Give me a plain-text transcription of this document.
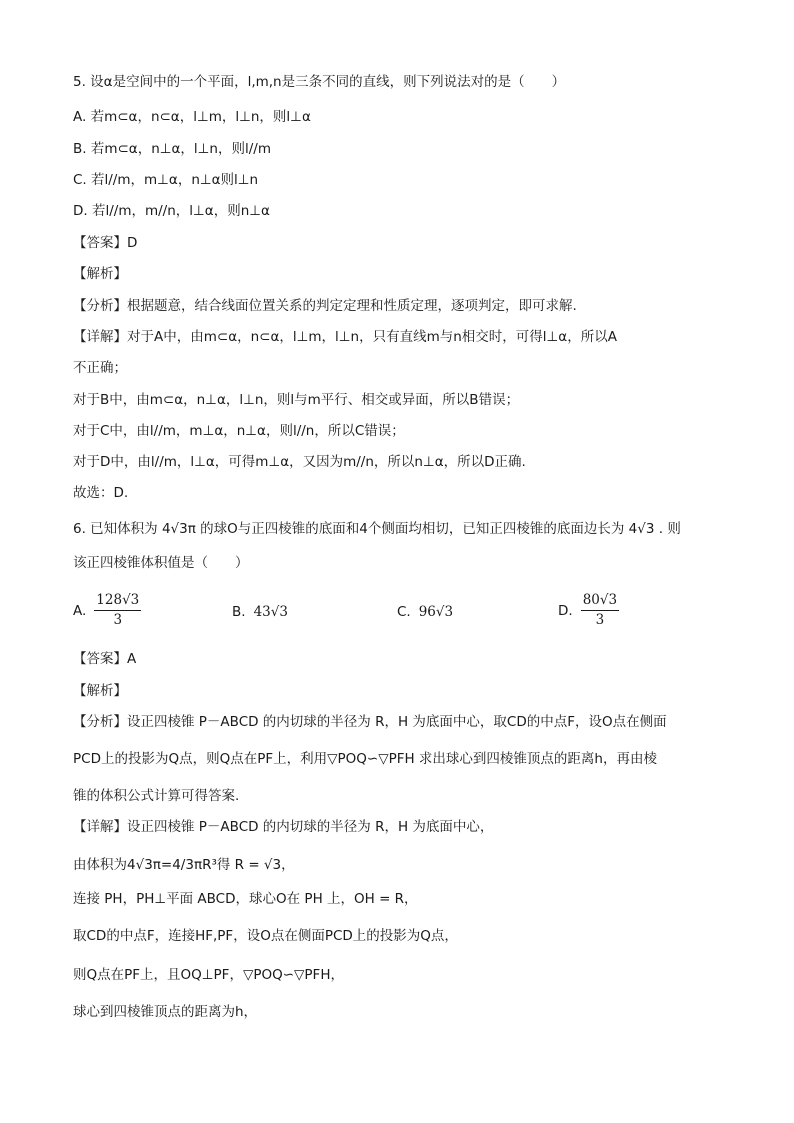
5. 设α是空间中的一个平面，l,m,n是三条不同的直线，则下列说法对的是（　　）
A. 若m⊂α，n⊂α，l⊥m，l⊥n，则l⊥α
B. 若m⊂α，n⊥α，l⊥n，则l//m
C. 若l//m，m⊥α，n⊥α则l⊥n
D. 若l//m，m//n，l⊥α，则n⊥α
【答案】D
【解析】
【分析】根据题意，结合线面位置关系的判定定理和性质定理，逐项判定，即可求解.
【详解】对于A中，由m⊂α，n⊂α，l⊥m，l⊥n，只有直线m与n相交时，可得l⊥α，所以A
不正确；
对于B中，由m⊂α，n⊥α，l⊥n，则l与m平行、相交或异面，所以B错误；
对于C中，由l//m，m⊥α，n⊥α，则l//n，所以C错误；
对于D中，由l//m，l⊥α，可得m⊥α，又因为m//n，所以n⊥α，所以D正确.
故选：D.
6. 已知体积为 4√3π 的球O与正四棱锥的底面和4个侧面均相切，已知正四棱锥的底面边长为 4√3 . 则
该正四棱锥体积值是（　　）
A. $\frac{128√3}{3}$	B. 43√3	C. 96√3	D. $\frac{80√3}{3}$
【答案】A
【解析】
【分析】设正四棱锥 P－ABCD 的内切球的半径为 R，H 为底面中心，取CD的中点F，设O点在侧面
PCD上的投影为Q点，则Q点在PF上，利用▽POQ∽▽PFH 求出球心到四棱锥顶点的距离h，再由棱
锥的体积公式计算可得答案.
【详解】设正四棱锥 P－ABCD 的内切球的半径为 R，H 为底面中心，
由体积为4√3π=4/3πR³得 R = √3，
连接 PH，PH⊥平面 ABCD，球心O在 PH 上，OH = R，
取CD的中点F，连接HF,PF，设O点在侧面PCD上的投影为Q点，
则Q点在PF上，且OQ⊥PF，▽POQ∽▽PFH，
球心到四棱锥顶点的距离为h，
